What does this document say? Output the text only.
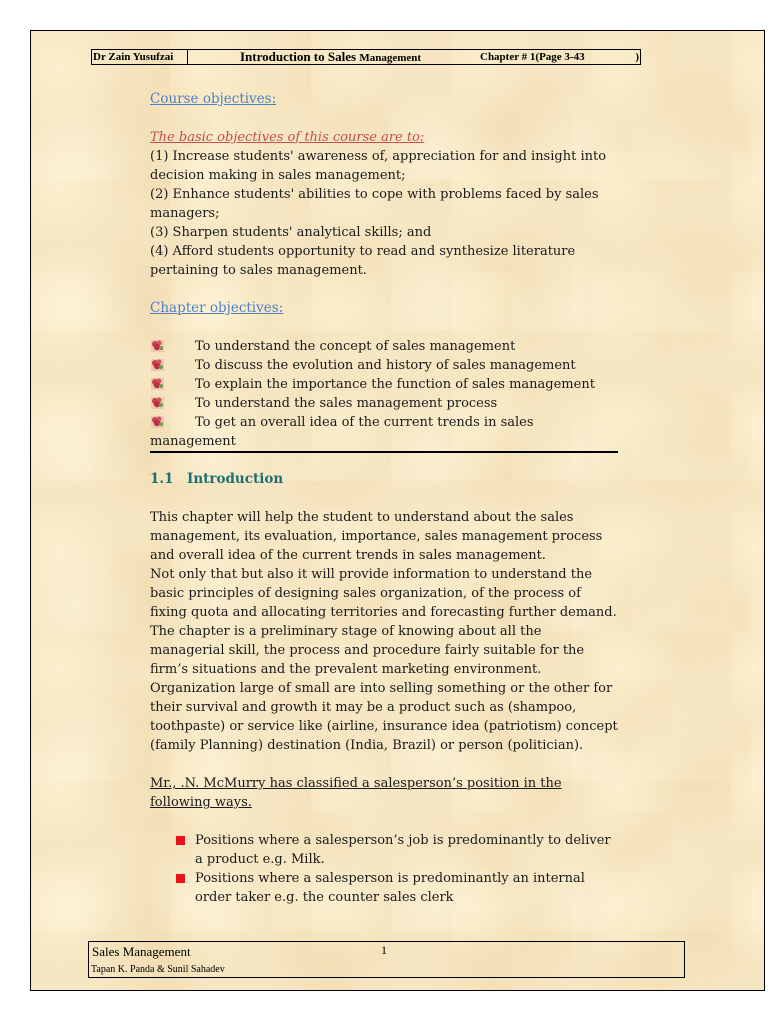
Dr Zain Yusufzai	Introduction to Sales Management	Chapter # 1(Page 3-43	)

Course objectives:

The basic objectives of this course are to:

(1) Increase students' awareness of, appreciation for and insight into decision making in sales management;

(2) Enhance students' abilities to cope with problems faced by sales managers;

(3) Sharpen students' analytical skills; and

(4) Afford students opportunity to read and synthesize literature pertaining to sales management.

Chapter objectives:

To understand the concept of sales management
To discuss the evolution and history of sales management
To explain the importance the function of sales management
To understand the sales management process
To get an overall idea of the current trends in sales management

1.1 Introduction

This chapter will help the student to understand about the sales management, its evaluation, importance, sales management process and overall idea of the current trends in sales management.

Not only that but also it will provide information to understand the basic principles of designing sales organization, of the process of fixing quota and allocating territories and forecasting further demand.

The chapter is a preliminary stage of knowing about all the managerial skill, the process and procedure fairly suitable for the firm’s situations and the prevalent marketing environment.

Organization large of small are into selling something or the other for their survival and growth it may be a product such as (shampoo, toothpaste) or service like (airline, insurance idea (patriotism) concept (family Planning) destination (India, Brazil) or person (politician).

Mr., .N. McMurry has classified a salesperson’s position in the following ways.

Positions where a salesperson’s job is predominantly to deliver a product e.g. Milk.
Positions where a salesperson is predominantly an internal order taker e.g. the counter sales clerk
Sales Management	1
Tapan K. Panda & Sunil Sahadev
